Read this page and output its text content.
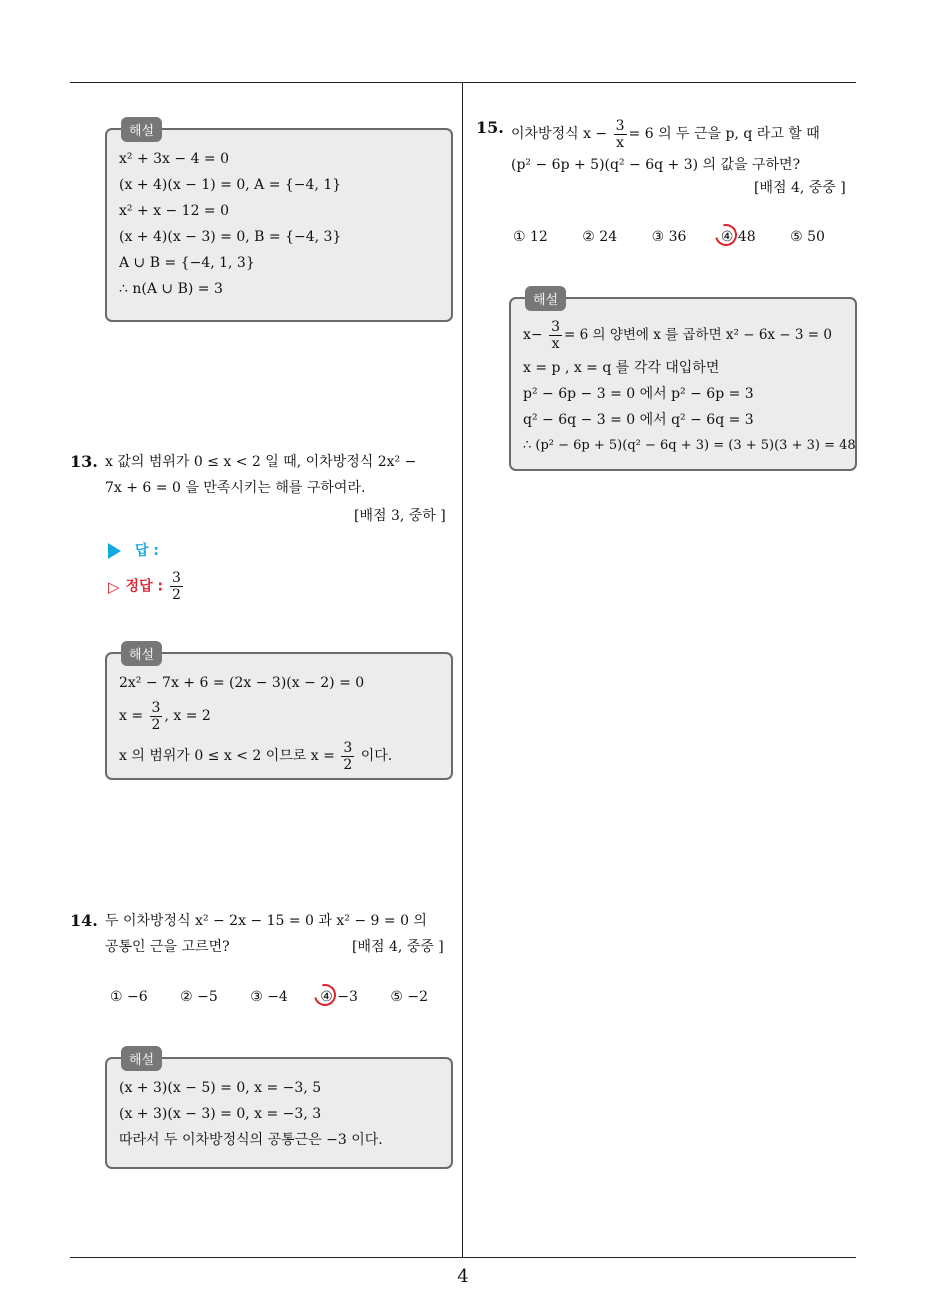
해설
x² + 3x − 4 = 0
(x + 4)(x − 1) = 0, A = {−4, 1}
x² + x − 12 = 0
(x + 4)(x − 3) = 0, B = {−4, 3}
A ∪ B = {−4, 1, 3}
∴ n(A ∪ B) = 3
13. x 값의 범위가 0 ≤ x < 2 일 때, 이차방정식 2x² −
7x + 6 = 0 을 만족시키는 해를 구하여라.
[배점 3, 중하 ]
답 :
▷ 정답 : $\frac{3}{2}$
해설
2x² − 7x + 6 = (2x − 3)(x − 2) = 0
$x = \frac{3}{2}$ , x = 2
x 의 범위가 0 ≤ x < 2 이므로 $x = \frac{3}{2}$ 이다.
14. 두 이차방정식 x² − 2x − 15 = 0 과 x² − 9 = 0 의
공통인 근을 고르면?	[배점 4, 중중 ]
① −6 ② −5 ③ −4 ④ −3 ⑤ −2
해설
(x + 3)(x − 5) = 0, x = −3, 5
(x + 3)(x − 3) = 0, x = −3, 3
따라서 두 이차방정식의 공통근은 −3 이다.
15. 이차방정식 $x - \frac{3}{x} = 6$ 의 두 근을 p, q 라고 할 때
(p² − 6p + 5)(q² − 6q + 3) 의 값을 구하면?
[배점 4, 중중 ]
① 12 ② 24 ③ 36 ④ 48 ⑤ 50
해설
$x- \frac{3}{x} = 6$ 의 양변에 x 를 곱하면 x² − 6x − 3 = 0
x = p , x = q 를 각각 대입하면
p² − 6p − 3 = 0 에서 p² − 6p = 3
q² − 6q − 3 = 0 에서 q² − 6q = 3
∴ (p² − 6p + 5)(q² − 6q + 3) = (3 + 5)(3 + 3) = 48
4
